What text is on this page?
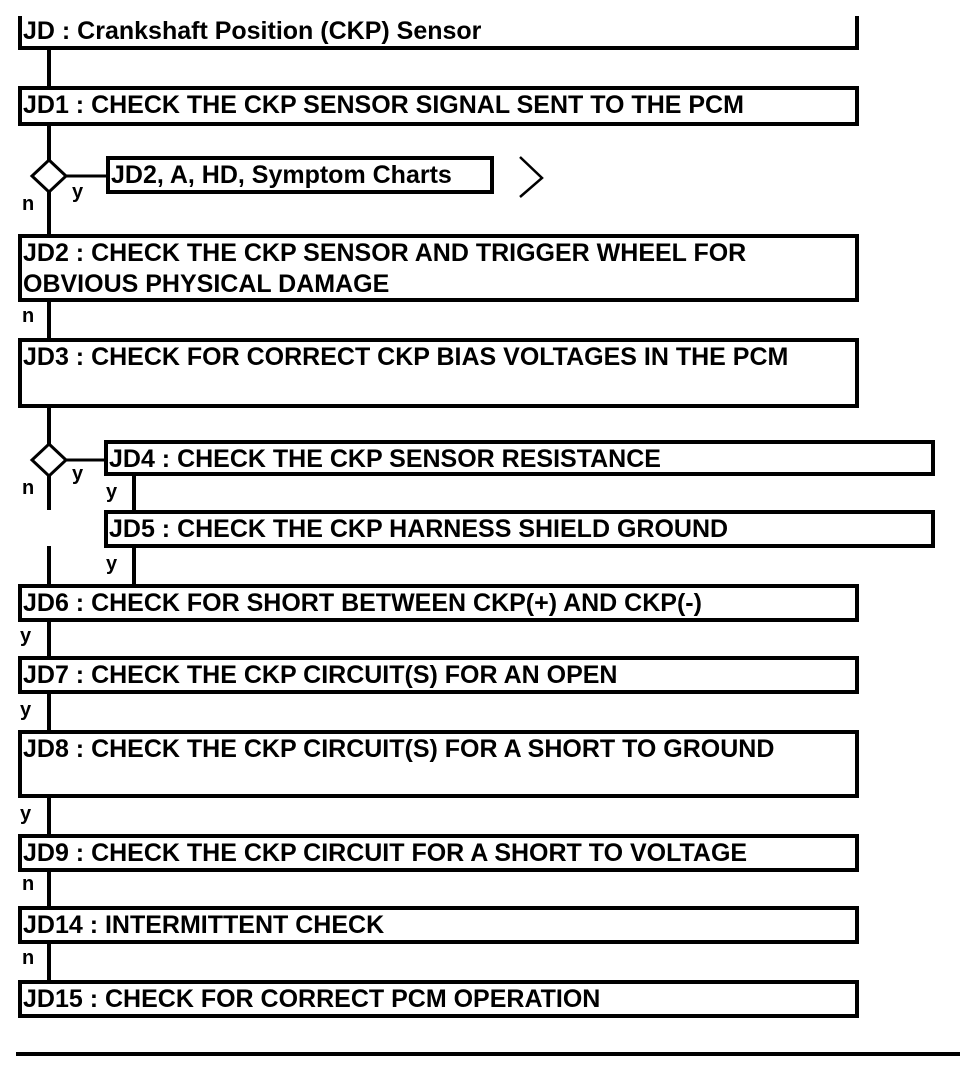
JD : Crankshaft Position (CKP) Sensor
JD1 : CHECK THE CKP SENSOR SIGNAL SENT TO THE PCM
JD2, A, HD, Symptom Charts
JD2 : CHECK THE CKP SENSOR AND TRIGGER WHEEL FOR OBVIOUS PHYSICAL DAMAGE
JD3 : CHECK FOR CORRECT CKP BIAS VOLTAGES IN THE PCM
JD4 : CHECK THE CKP SENSOR RESISTANCE
JD5 : CHECK THE CKP HARNESS SHIELD GROUND
JD6 : CHECK FOR SHORT BETWEEN CKP(+) AND CKP(-)
JD7 : CHECK THE CKP CIRCUIT(S) FOR AN OPEN
JD8 : CHECK THE CKP CIRCUIT(S) FOR A SHORT TO GROUND
JD9 : CHECK THE CKP CIRCUIT FOR A SHORT TO VOLTAGE
JD14 : INTERMITTENT CHECK
JD15 : CHECK FOR CORRECT PCM OPERATION
y
n
n
y
n	y
y
y
y
y
n
n
